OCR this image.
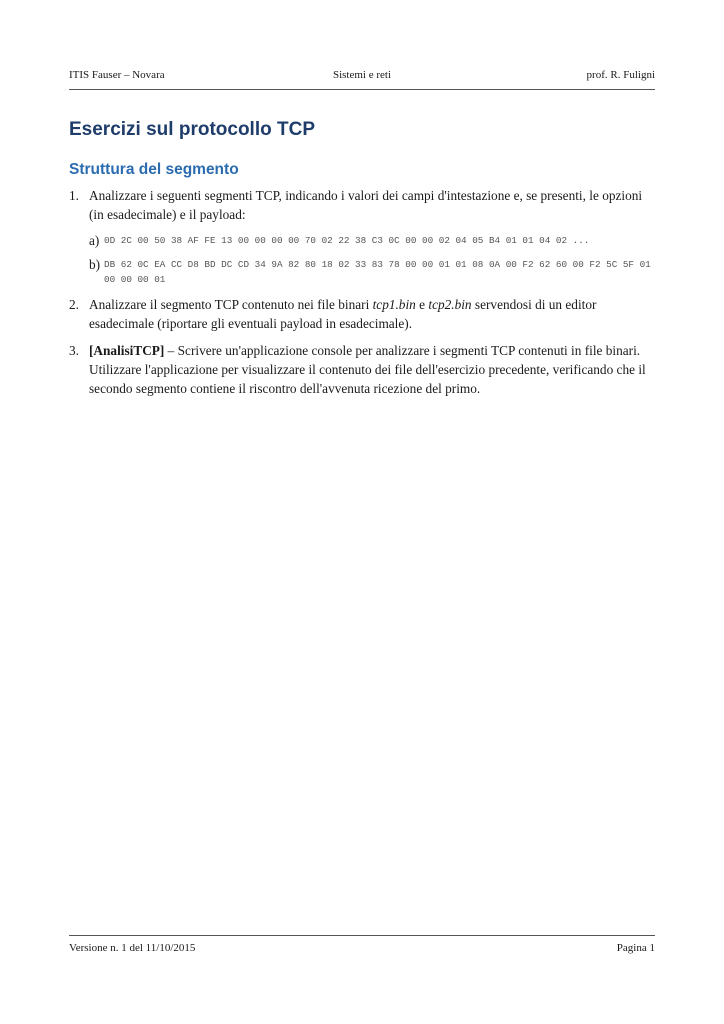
ITIS Fauser – Novara	Sistemi e reti	prof. R. Fuligni
Esercizi sul protocollo TCP
Struttura del segmento
1. Analizzare i seguenti segmenti TCP, indicando i valori dei campi d'intestazione e, se presenti, le opzioni (in esadecimale) e il payload:
a) 0D 2C 00 50 38 AF FE 13 00 00 00 00 70 02 22 38 C3 0C 00 00 02 04 05 B4 01 01 04 02 ...
b) DB 62 0C EA CC D8 BD DC CD 34 9A 82 80 18 02 33 83 78 00 00 01 01 08 0A 00 F2 62 60 00 F2 5C 5F 01 00 00 00 01
2. Analizzare il segmento TCP contenuto nei file binari tcp1.bin e tcp2.bin servendosi di un editor esadecimale (riportare gli eventuali payload in esadecimale).
3. [AnalisiTCP] – Scrivere un'applicazione console per analizzare i segmenti TCP contenuti in file binari. Utilizzare l'applicazione per visualizzare il contenuto dei file dell'esercizio precedente, verificando che il secondo segmento contiene il riscontro dell'avvenuta ricezione del primo.
Versione n. 1 del 11/10/2015	Pagina 1
